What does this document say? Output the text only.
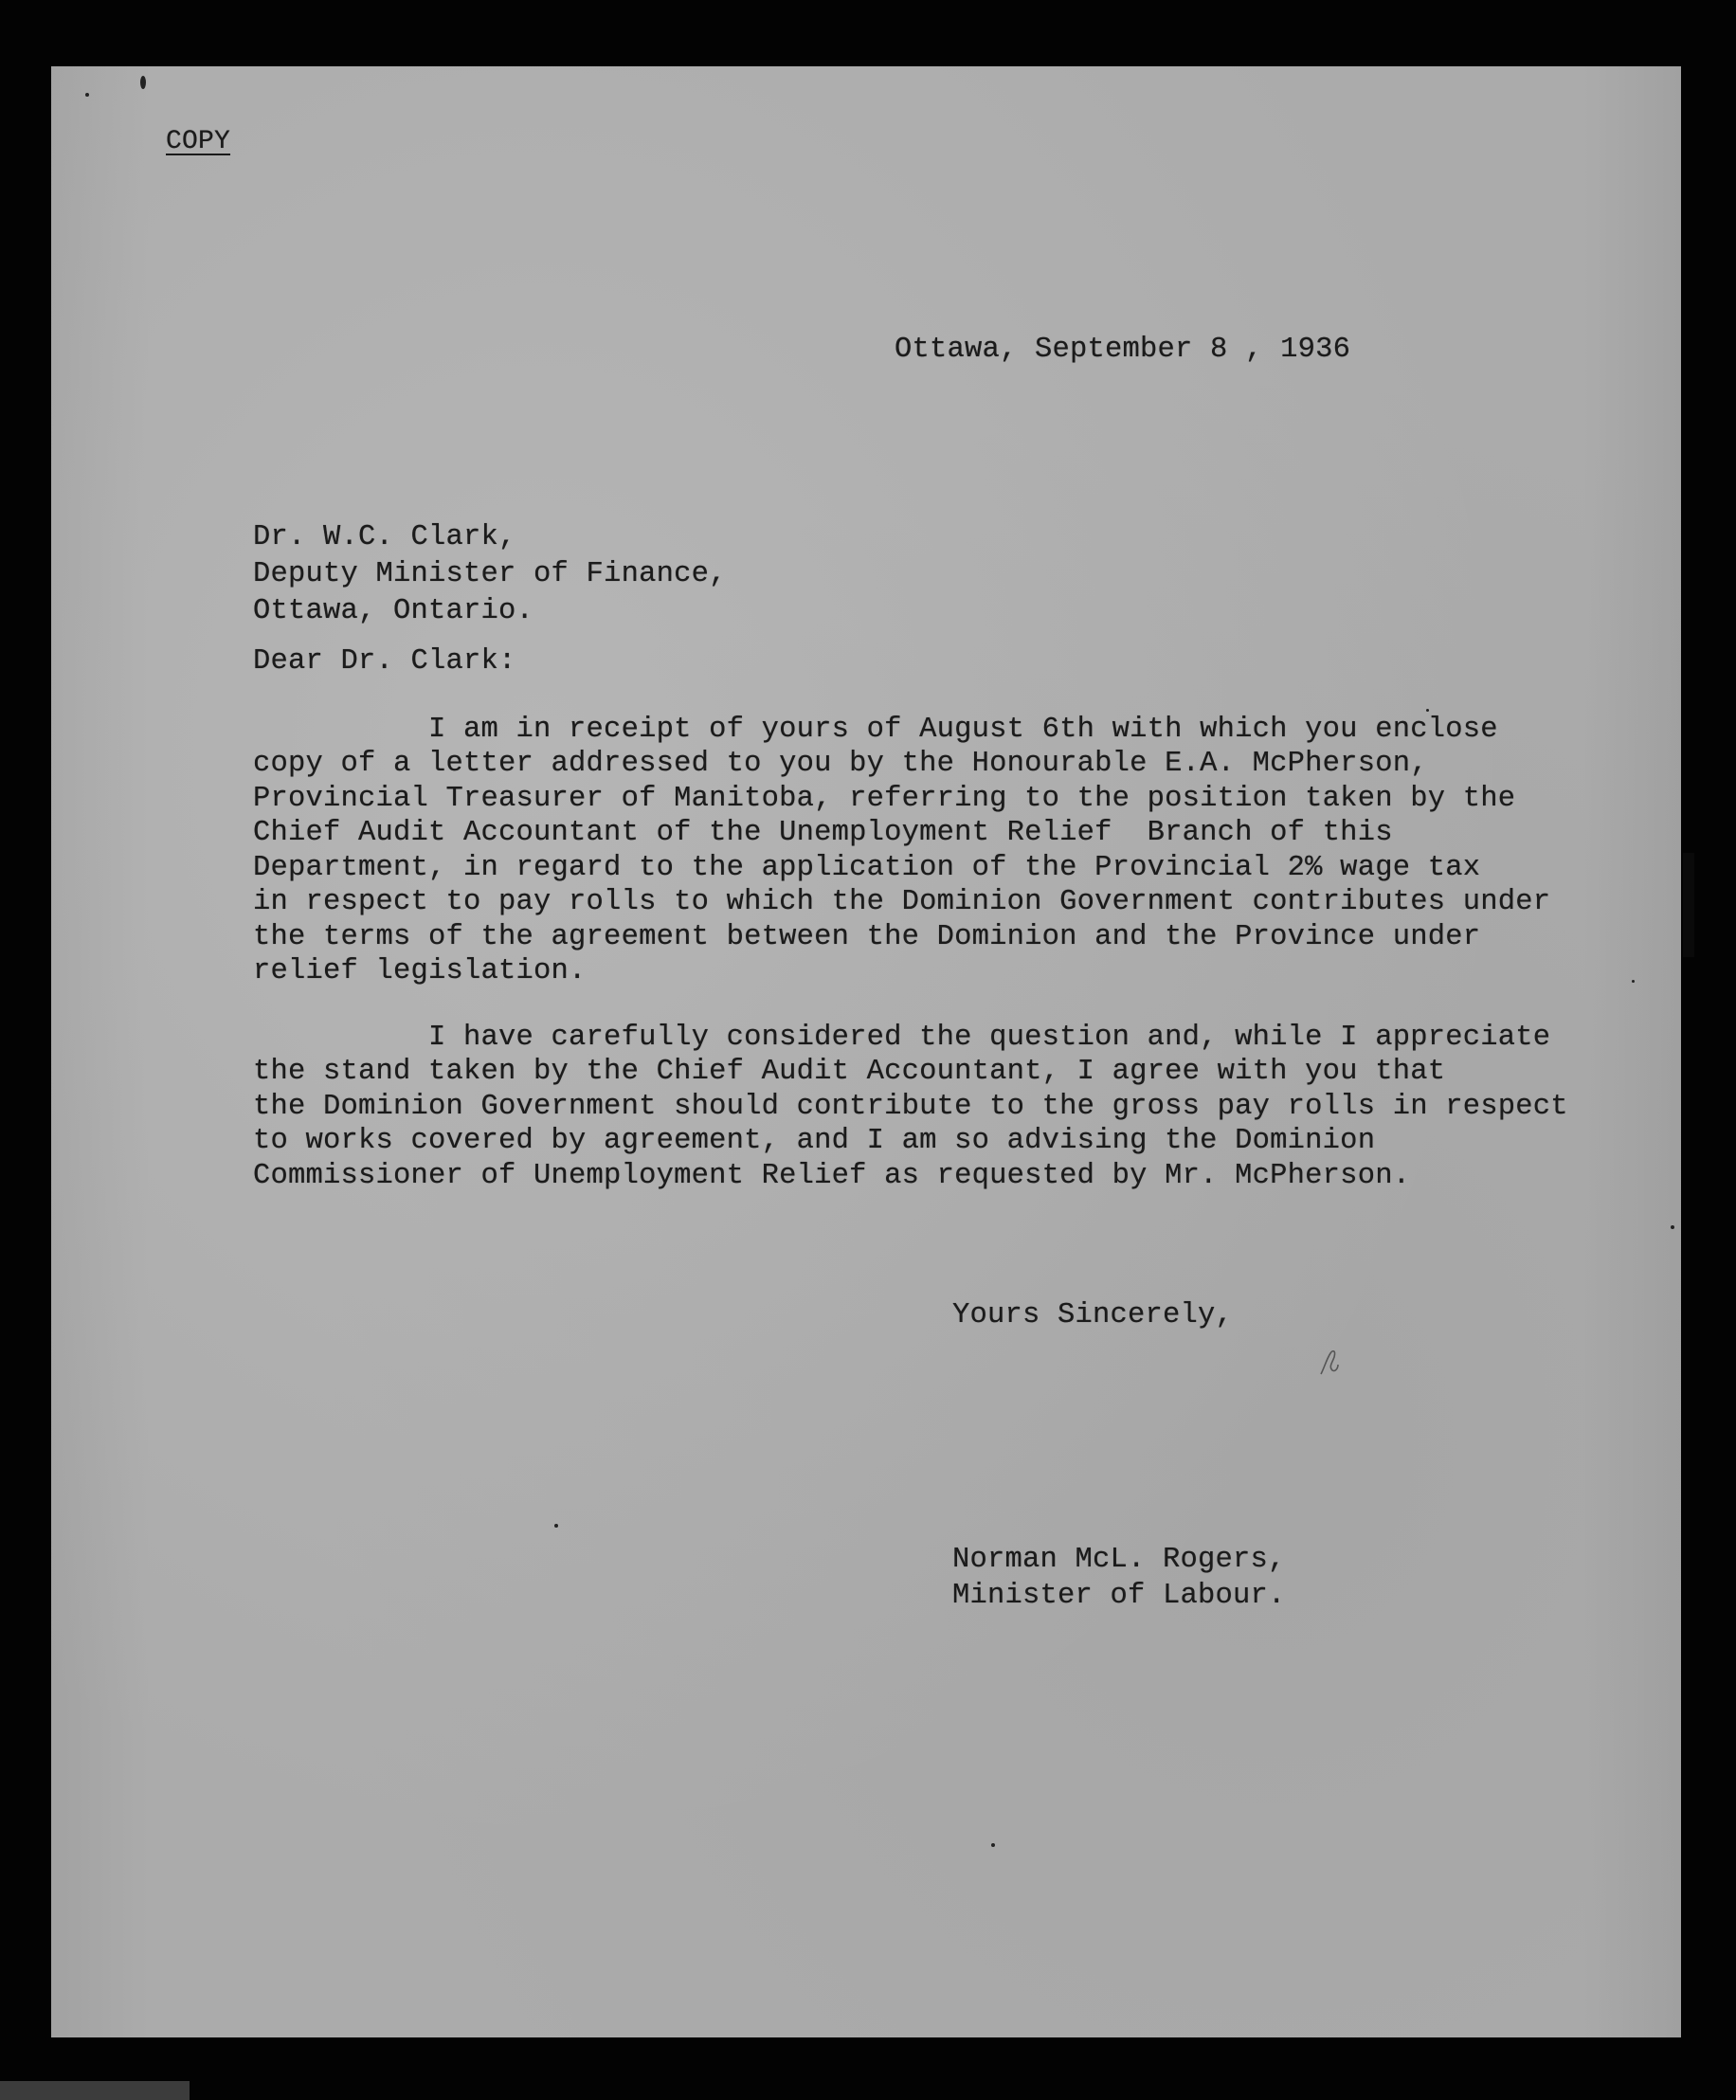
COPY
Ottawa, September 8 , 1936
Dr. W.C. Clark,
Deputy Minister of Finance,
Ottawa, Ontario.
Dear Dr. Clark:
I am in receipt of yours of August 6th with which you enclose
copy of a letter addressed to you by the Honourable E.A. McPherson,
Provincial Treasurer of Manitoba, referring to the position taken by the
Chief Audit Accountant of the Unemployment Relief  Branch of this
Department, in regard to the application of the Provincial 2% wage tax
in respect to pay rolls to which the Dominion Government contributes under
the terms of the agreement between the Dominion and the Province under
relief legislation.
I have carefully considered the question and, while I appreciate
the stand taken by the Chief Audit Accountant, I agree with you that
the Dominion Government should contribute to the gross pay rolls in respect
to works covered by agreement, and I am so advising the Dominion
Commissioner of Unemployment Relief as requested by Mr. McPherson.
Yours Sincerely,
Norman McL. Rogers,
Minister of Labour.
